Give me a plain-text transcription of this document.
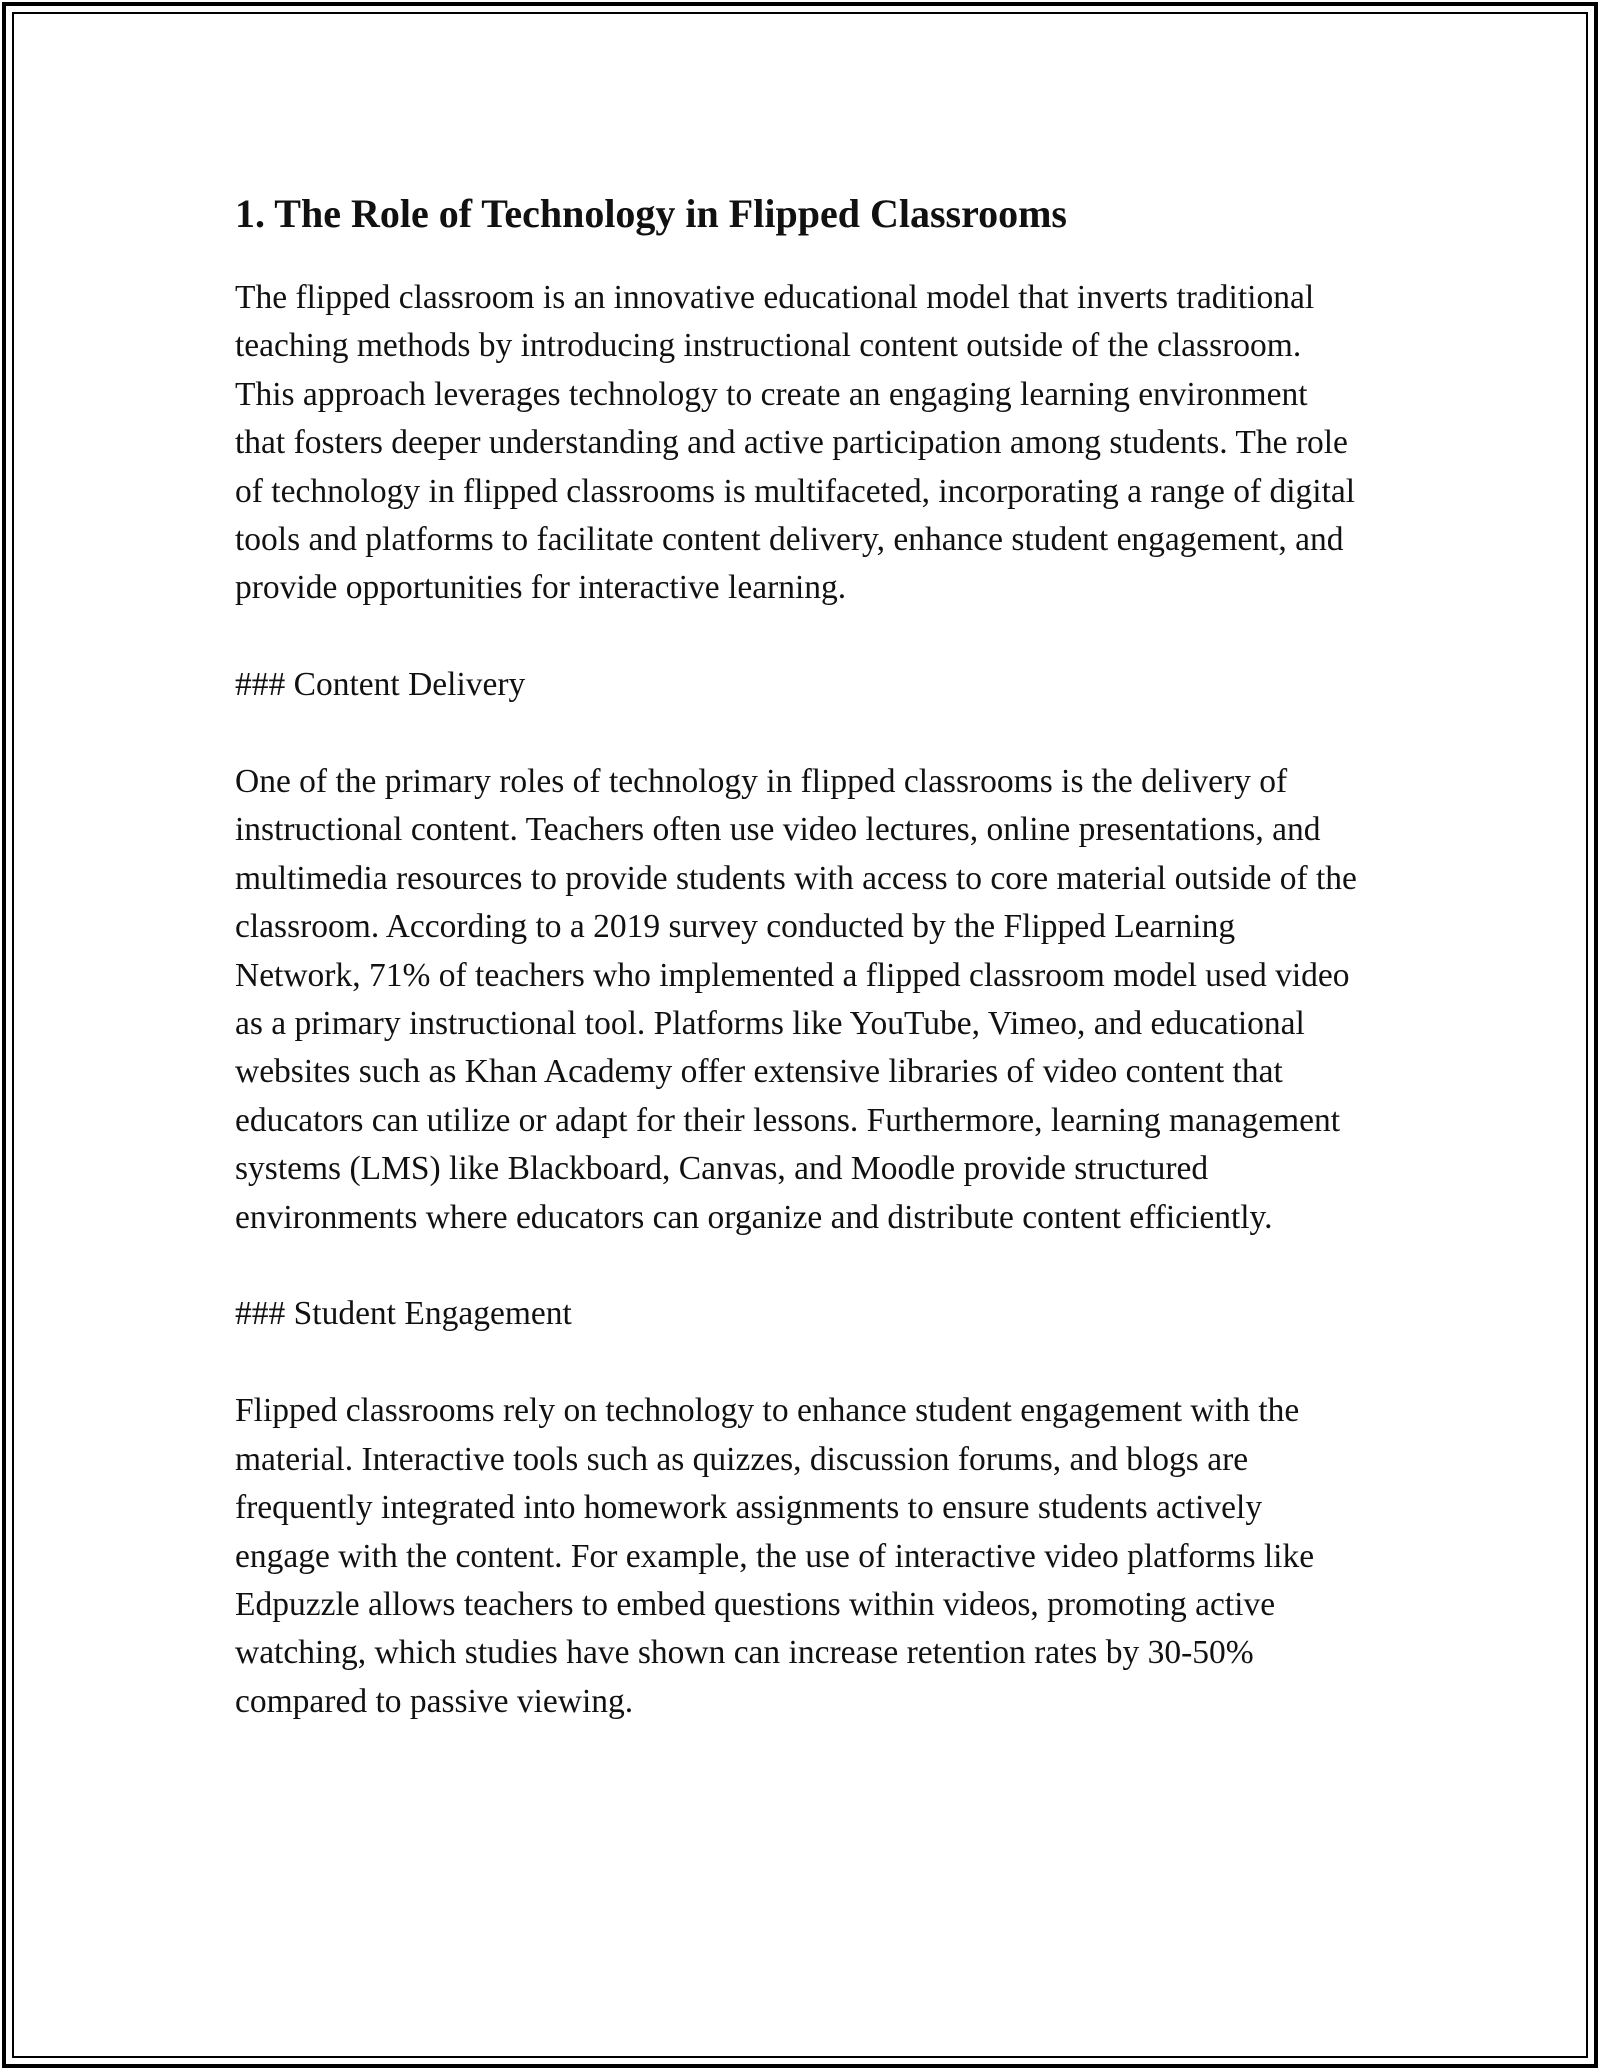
1. The Role of Technology in Flipped Classrooms

The flipped classroom is an innovative educational model that inverts traditional teaching methods by introducing instructional content outside of the classroom. This approach leverages technology to create an engaging learning environment that fosters deeper understanding and active participation among students. The role of technology in flipped classrooms is multifaceted, incorporating a range of digital tools and platforms to facilitate content delivery, enhance student engagement, and provide opportunities for interactive learning.

### Content Delivery

One of the primary roles of technology in flipped classrooms is the delivery of instructional content. Teachers often use video lectures, online presentations, and multimedia resources to provide students with access to core material outside of the classroom. According to a 2019 survey conducted by the Flipped Learning Network, 71% of teachers who implemented a flipped classroom model used video as a primary instructional tool. Platforms like YouTube, Vimeo, and educational websites such as Khan Academy offer extensive libraries of video content that educators can utilize or adapt for their lessons. Furthermore, learning management systems (LMS) like Blackboard, Canvas, and Moodle provide structured environments where educators can organize and distribute content efficiently.

### Student Engagement

Flipped classrooms rely on technology to enhance student engagement with the material. Interactive tools such as quizzes, discussion forums, and blogs are frequently integrated into homework assignments to ensure students actively engage with the content. For example, the use of interactive video platforms like Edpuzzle allows teachers to embed questions within videos, promoting active watching, which studies have shown can increase retention rates by 30-50% compared to passive viewing.
